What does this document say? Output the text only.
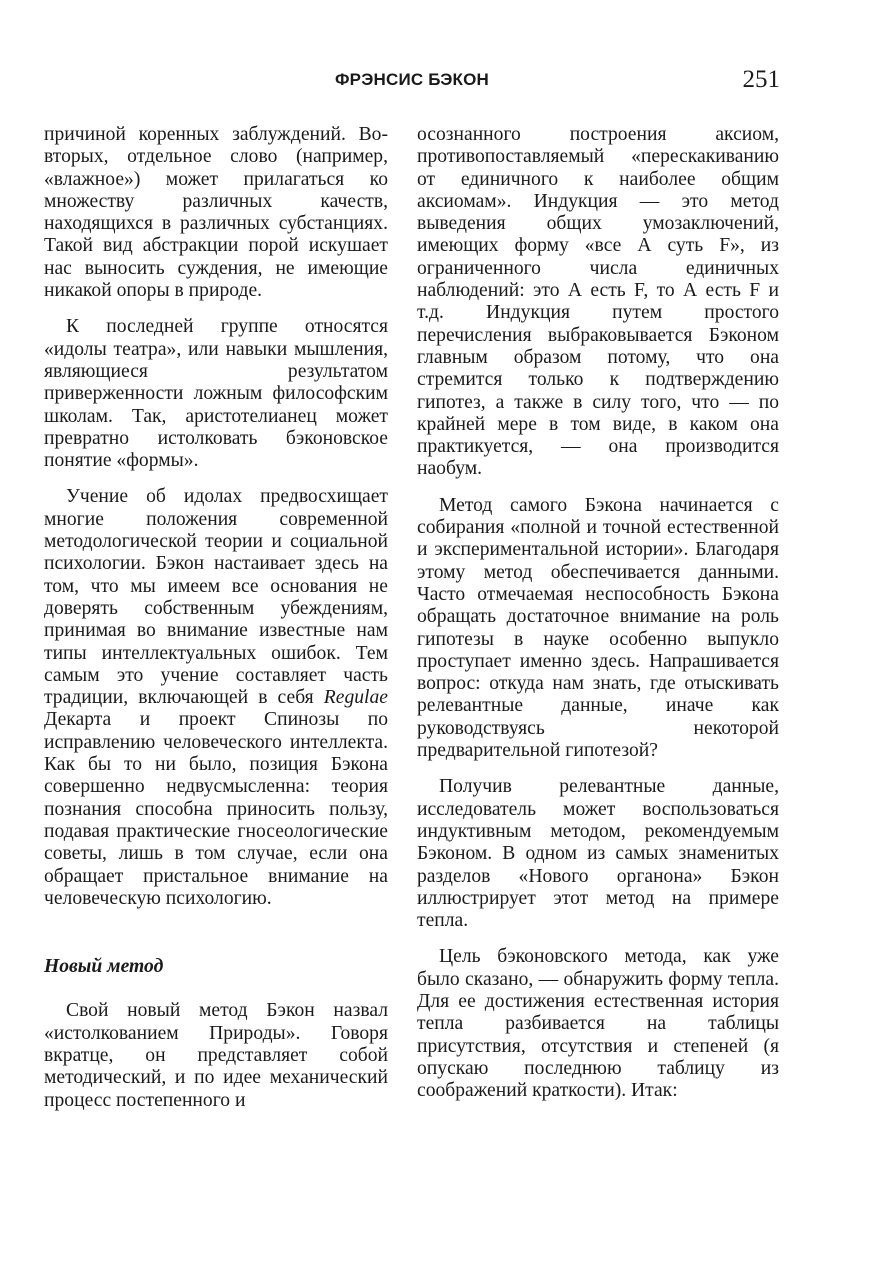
ФРЭНСИС БЭКОН	251

причиной коренных заблуждений. Во-вторых, отдельное слово (например, «влажное») может прилагаться ко множеству различных качеств, находящихся в различных субстанциях. Такой вид абстракции порой искушает нас выносить суждения, не имеющие никакой опоры в природе.

К последней группе относятся «идолы театра», или навыки мышления, являющиеся результатом приверженности ложным философским школам. Так, аристотелианец может превратно истолковать бэконовское понятие «формы».

Учение об идолах предвосхищает многие положения современной методологической теории и социальной психологии. Бэкон настаивает здесь на том, что мы имеем все основания не доверять собственным убеждениям, принимая во внимание известные нам типы интеллектуальных ошибок. Тем самым это учение составляет часть традиции, включающей в себя Regulae Декарта и проект Спинозы по исправлению человеческого интеллекта. Как бы то ни было, позиция Бэкона совершенно недвусмысленна: теория познания способна приносить пользу, подавая практические гносеологические советы, лишь в том случае, если она обращает пристальное внимание на человеческую психологию.

Новый метод

Свой новый метод Бэкон назвал «истолкованием Природы». Говоря вкратце, он представляет собой методический, и по идее механический процесс постепенного и

осознанного построения аксиом, противопоставляемый «перескакиванию от единичного к наиболее общим аксиомам». Индукция — это метод выведения общих умозаключений, имеющих форму «все А суть F», из ограниченного числа единичных наблюдений: это А есть F, то А есть F и т.д. Индукция путем простого перечисления выбраковывается Бэконом главным образом потому, что она стремится только к подтверждению гипотез, а также в силу того, что — по крайней мере в том виде, в каком она практикуется, — она производится наобум.

Метод самого Бэкона начинается с собирания «полной и точной естественной и экспериментальной истории». Благодаря этому метод обеспечивается данными. Часто отмечаемая неспособность Бэкона обращать достаточное внимание на роль гипотезы в науке особенно выпукло проступает именно здесь. Напрашивается вопрос: откуда нам знать, где отыскивать релевантные данные, иначе как руководствуясь некоторой предварительной гипотезой?

Получив релевантные данные, исследователь может воспользоваться индуктивным методом, рекомендуемым Бэконом. В одном из самых знаменитых разделов «Нового органона» Бэкон иллюстрирует этот метод на примере тепла.

Цель бэконовского метода, как уже было сказано, — обнаружить форму тепла. Для ее достижения естественная история тепла разбивается на таблицы присутствия, отсутствия и степеней (я опускаю последнюю таблицу из соображений краткости). Итак:
